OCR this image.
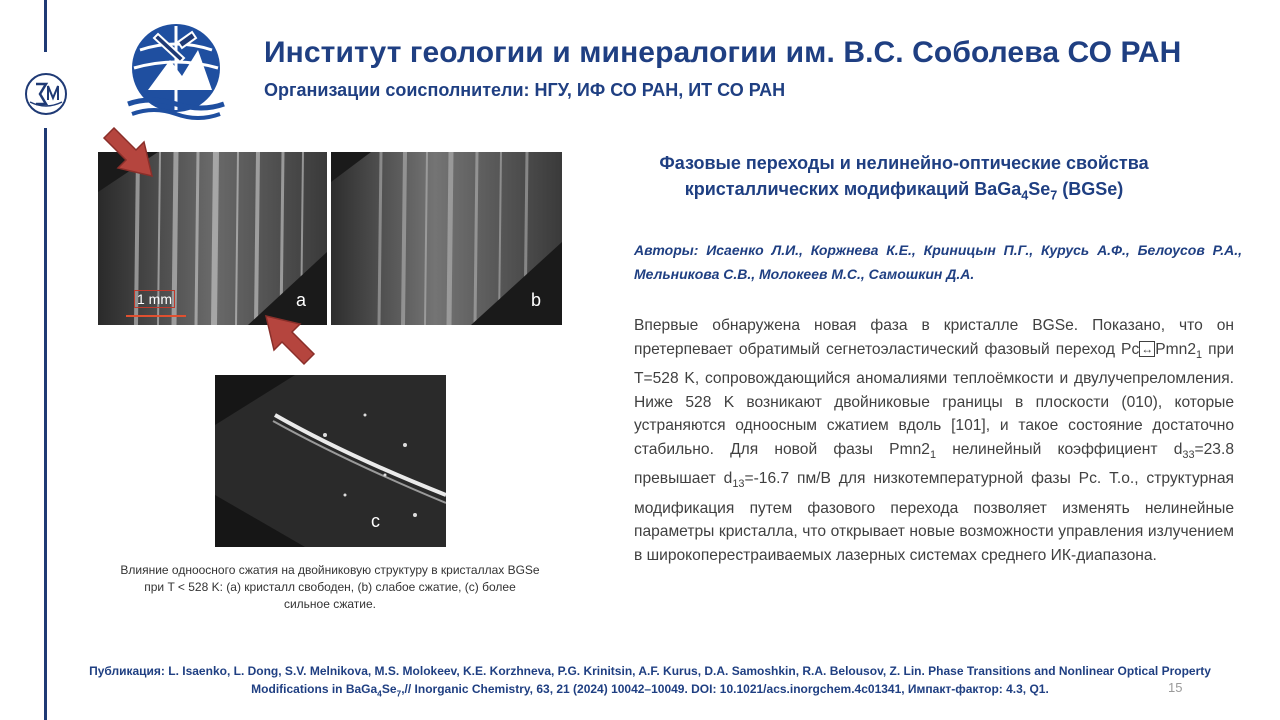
Институт геологии и минералогии им. В.С. Соболева СО РАН
Организации соисполнители: НГУ, ИФ СО РАН, ИТ СО РАН
1 mm	a	b
c
Влияние одноосного сжатия на двойниковую структуру в кристаллах BGSe при T < 528 K: (a) кристалл свободен, (b) слабое сжатие, (c) более сильное сжатие.
Фазовые переходы и нелинейно-оптические свойства
кристаллических модификаций $BaGa_4Se_7$ (BGSe)
Авторы: Исаенко Л.И., Коржнева К.Е., Криницын П.Г., Курусь А.Ф., Белоусов Р.А., Мельникова С.В., Молокеев М.С., Самошкин Д.А.
Впервые обнаружена новая фаза в кристалле BGSe. Показано, что он претерпевает обратимый сегнетоэластический фазовый переход Pc ↔ $Pmn2_1$ при T=528 K, сопровождающийся аномалиями теплоёмкости и двулучепреломления. Ниже 528 K возникают двойниковые границы в плоскости (010), которые устраняются одноосным сжатием вдоль [101], и такое состояние достаточно стабильно. Для новой фазы $Pmn2_1$ нелинейный коэффициент $d_{33}=23.8$ превышает $d_{13}=-16.7$ пм/В для низкотемпературной фазы Pc. Т.о., структурная модификация путем фазового перехода позволяет изменять нелинейные параметры кристалла, что открывает новые возможности управления излучением в широкоперестраиваемых лазерных системах среднего ИК-диапазона.
Публикация: L. Isaenko, L. Dong, S.V. Melnikova, M.S. Molokeev, K.E. Korzhneva, P.G. Krinitsin, A.F. Kurus, D.A. Samoshkin, R.A. Belousov, Z. Lin. Phase Transitions and Nonlinear Optical Property Modifications in $BaGa_4Se_7,//$ Inorganic Chemistry, 63, 21 (2024) 10042–10049. DOI: 10.1021/acs.inorgchem.4c01341, Импакт-фактор: 4.3, Q1.	15
